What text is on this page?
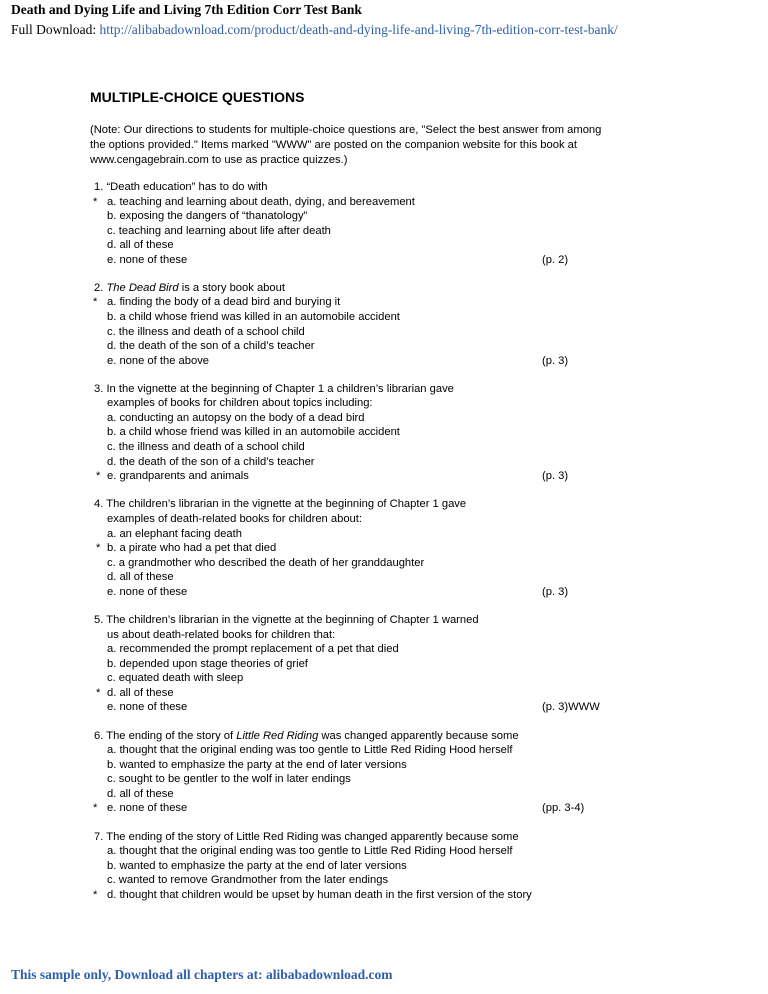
Death and Dying Life and Living 7th Edition Corr Test Bank
Full Download: http://alibabadownload.com/product/death-and-dying-life-and-living-7th-edition-corr-test-bank/
MULTIPLE-CHOICE QUESTIONS
(Note: Our directions to students for multiple-choice questions are, "Select the best answer from among
the options provided." Items marked "WWW" are posted on the companion website for this book at
www.cengagebrain.com to use as practice quizzes.)
1. “Death education” has to do with
* a. teaching and learning about death, dying, and bereavement
b. exposing the dangers of “thanatology”
c. teaching and learning about life after death
d. all of these
e. none of these	(p. 2)
2. The Dead Bird is a story book about
* a. finding the body of a dead bird and burying it
b. a child whose friend was killed in an automobile accident
c. the illness and death of a school child
d. the death of the son of a child’s teacher
e. none of the above	(p. 3)
3. In the vignette at the beginning of Chapter 1 a children’s librarian gave
examples of books for children about topics including:
a. conducting an autopsy on the body of a dead bird
b. a child whose friend was killed in an automobile accident
c. the illness and death of a school child
d. the death of the son of a child’s teacher
* e. grandparents and animals	(p. 3)
4. The children’s librarian in the vignette at the beginning of Chapter 1 gave
examples of death-related books for children about:
a. an elephant facing death
* b. a pirate who had a pet that died
c. a grandmother who described the death of her granddaughter
d. all of these
e. none of these	(p. 3)
5. The children’s librarian in the vignette at the beginning of Chapter 1 warned
us about death-related books for children that:
a. recommended the prompt replacement of a pet that died
b. depended upon stage theories of grief
c. equated death with sleep
* d. all of these
e. none of these	(p. 3)WWW
6. The ending of the story of Little Red Riding was changed apparently because some
a. thought that the original ending was too gentle to Little Red Riding Hood herself
b. wanted to emphasize the party at the end of later versions
c. sought to be gentler to the wolf in later endings
d. all of these
* e. none of these	(pp. 3-4)
7. The ending of the story of Little Red Riding was changed apparently because some
a. thought that the original ending was too gentle to Little Red Riding Hood herself
b. wanted to emphasize the party at the end of later versions
c. wanted to remove Grandmother from the later endings
* d. thought that children would be upset by human death in the first version of the story
This sample only, Download all chapters at: alibabadownload.com
